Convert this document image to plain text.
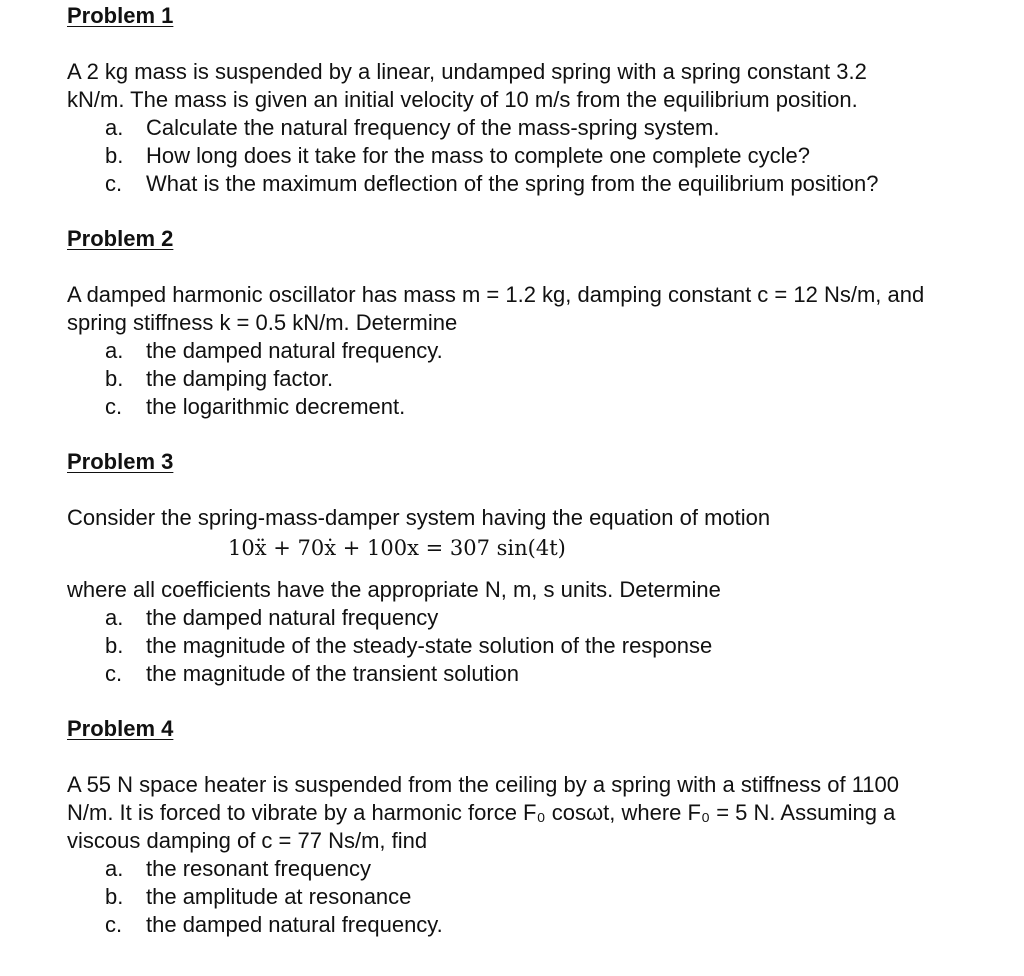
Problem 1

A 2 kg mass is suspended by a linear, undamped spring with a spring constant 3.2
kN/m. The mass is given an initial velocity of 10 m/s from the equilibrium position.

a. Calculate the natural frequency of the mass-spring system.
b. How long does it take for the mass to complete one complete cycle?
c. What is the maximum deflection of the spring from the equilibrium position?
Problem 2

A damped harmonic oscillator has mass m = 1.2 kg, damping constant c = 12 Ns/m, and
spring stiffness k = 0.5 kN/m. Determine

a. the damped natural frequency.
b. the damping factor.
c. the logarithmic decrement.
Problem 3

Consider the spring-mass-damper system having the equation of motion

10ẍ + 70ẋ + 100x = 307 sin(4t)

where all coefficients have the appropriate N, m, s units. Determine

a. the damped natural frequency
b. the magnitude of the steady-state solution of the response
c. the magnitude of the transient solution
Problem 4

A 55 N space heater is suspended from the ceiling by a spring with a stiffness of 1100
N/m. It is forced to vibrate by a harmonic force F₀ cosωt, where F₀ = 5 N. Assuming a
viscous damping of c = 77 Ns/m, find

a. the resonant frequency
b. the amplitude at resonance
c. the damped natural frequency.
